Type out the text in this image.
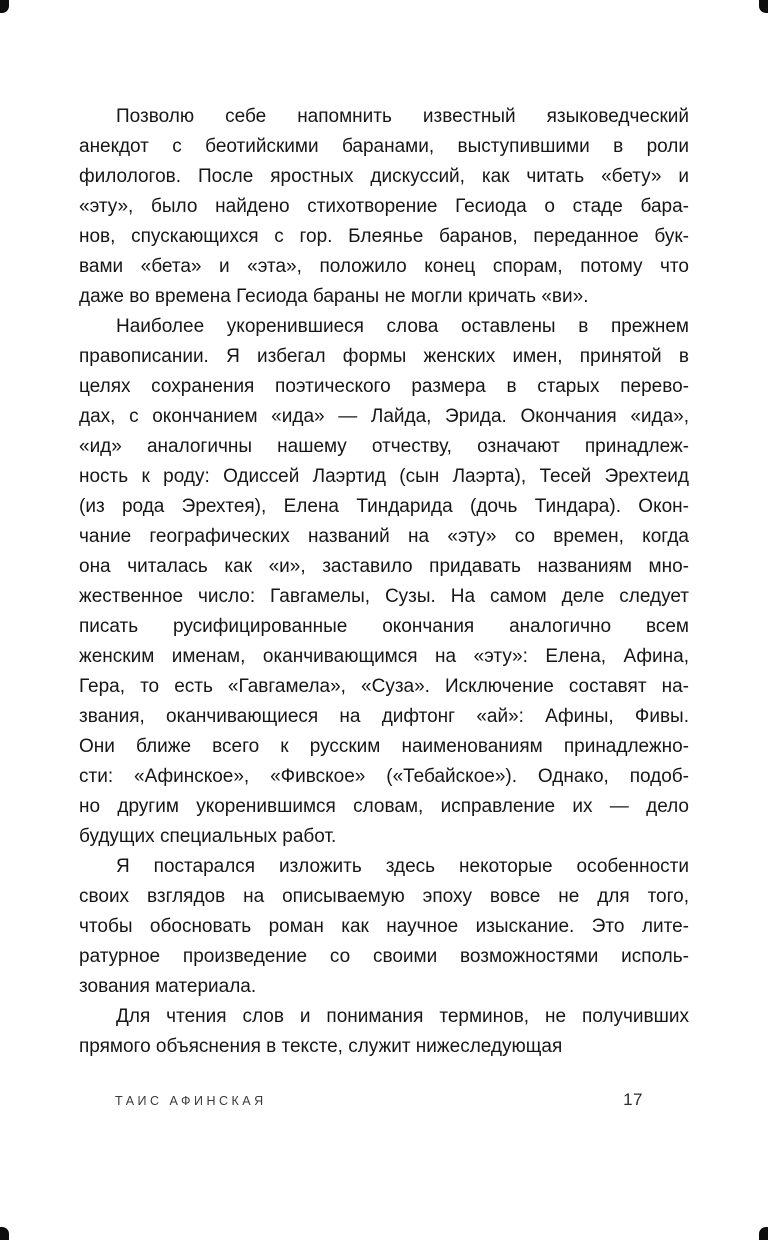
Позволю себе напомнить известный языковедческий
анекдот с беотийскими баранами, выступившими в роли
филологов. После яростных дискуссий, как читать «бету» и
«эту», было найдено стихотворение Гесиода о стаде бара-
нов, спускающихся с гор. Блеянье баранов, переданное бук-
вами «бета» и «эта», положило конец спорам, потому что
даже во времена Гесиода бараны не могли кричать «ви».
Наиболее укоренившиеся слова оставлены в прежнем
правописании. Я избегал формы женских имен, принятой в
целях сохранения поэтического размера в старых перево-
дах, с окончанием «ида» — Лайда, Эрида. Окончания «ида»,
«ид» аналогичны нашему отчеству, означают принадлеж-
ность к роду: Одиссей Лаэртид (сын Лаэрта), Тесей Эрехтеид
(из рода Эрехтея), Елена Тиндарида (дочь Тиндара). Окон-
чание географических названий на «эту» со времен, когда
она читалась как «и», заставило придавать названиям мно-
жественное число: Гавгамелы, Сузы. На самом деле следует
писать русифицированные окончания аналогично всем
женским именам, оканчивающимся на «эту»: Елена, Афина,
Гера, то есть «Гавгамела», «Суза». Исключение составят на-
звания, оканчивающиеся на дифтонг «ай»: Афины, Фивы.
Они ближе всего к русским наименованиям принадлежно-
сти: «Афинское», «Фивское» («Тебайское»). Однако, подоб-
но другим укоренившимся словам, исправление их — дело
будущих специальных работ.
Я постарался изложить здесь некоторые особенности
своих взглядов на описываемую эпоху вовсе не для того,
чтобы обосновать роман как научное изыскание. Это лите-
ратурное произведение со своими возможностями исполь-
зования материала.
Для чтения слов и понимания терминов, не получивших
прямого объяснения в тексте, служит нижеследующая
ТАИС АФИНСКАЯ	17
